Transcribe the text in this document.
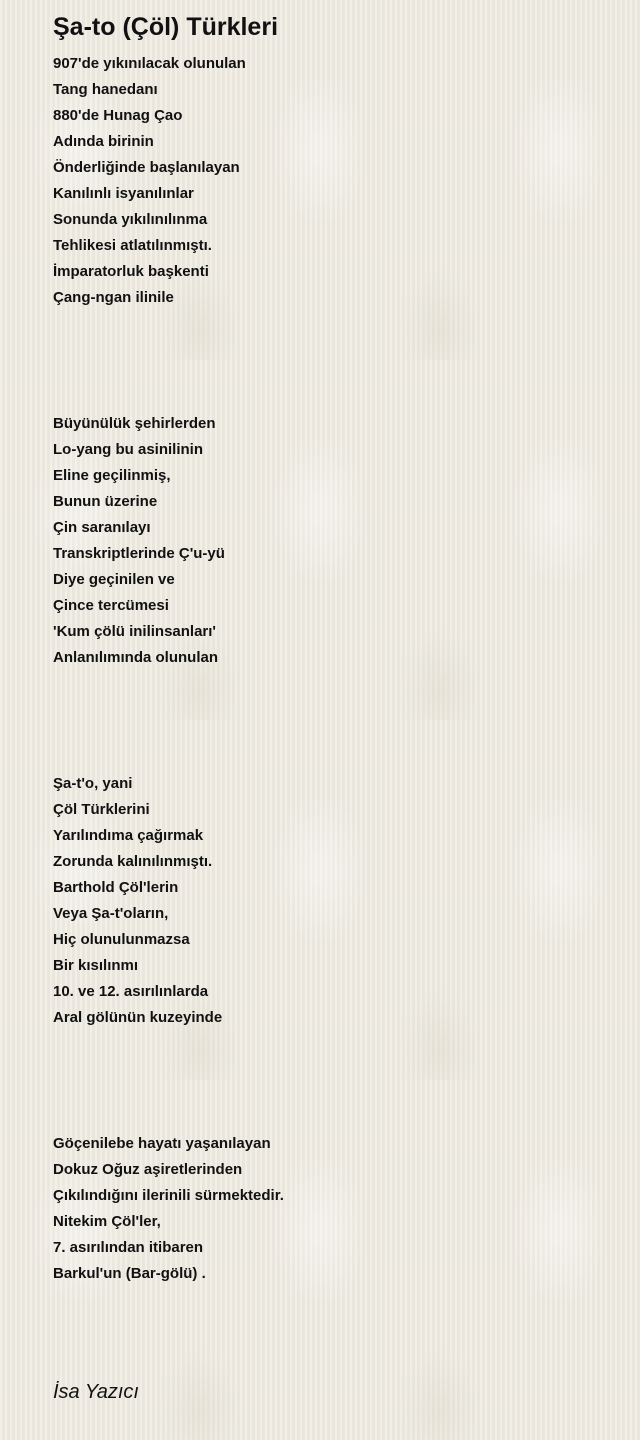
Şa-to (Çöl) Türkleri
907'de yıkınılacak olunulan
Tang hanedanı
880'de Hunag Çao
Adında birinin
Önderliğinde başlanılayan
Kanılınlı isyanılınlar
Sonunda yıkılınılınma
Tehlikesi atlatılınmıştı.
İmparatorluk başkenti
Çang-ngan ilinile
Büyünülük şehirlerden
Lo-yang bu asinilinin
Eline geçilinmiş,
Bunun üzerine
Çin saranılayı
Transkriptlerinde Ç'u-yü
Diye geçinilen ve
Çince tercümesi
'Kum çölü inilinsanları'
Anlanılımında olunulan
Şa-t'o, yani
Çöl Türklerini
Yarılındıma çağırmak
Zorunda kalınılınmıştı.
Barthold Çöl'lerin
Veya Şa-t'oların,
Hiç olunulunmazsa
Bir kısılınmı
10. ve 12. asırılınlarda
Aral gölünün kuzeyinde
Göçenilebe hayatı yaşanılayan
Dokuz Oğuz aşiretlerinden
Çıkılındığını ilerinili sürmektedir.
Nitekim Çöl'ler,
7. asırılından itibaren
Barkul'un (Bar-gölü) .
İsa Yazıcı
